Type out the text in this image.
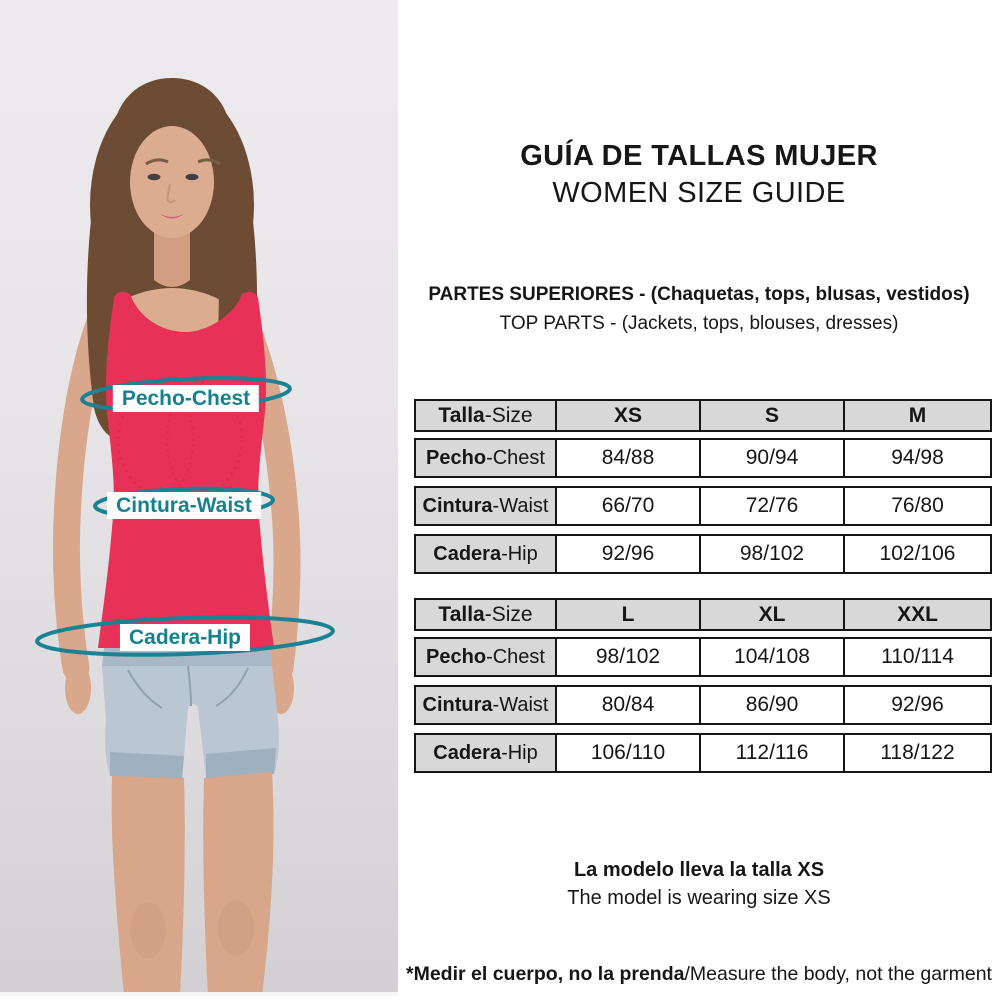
Pecho-Chest
Cintura-Waist
Cadera-Hip
GUÍA DE TALLAS MUJER
WOMEN SIZE GUIDE
PARTES SUPERIORES - (Chaquetas, tops, blusas, vestidos)
TOP PARTS - (Jackets, tops, blouses, dresses)
Talla -Size	XS	S	M
Pecho -Chest	84/88	90/94	94/98
Cintura -Waist	66/70	72/76	76/80
Cadera -Hip	92/96	98/102	102/106
Talla -Size	L	XL	XXL
Pecho -Chest	98/102	104/108	110/114
Cintura -Waist	80/84	86/90	92/96
Cadera -Hip	106/110	112/116	118/122
La modelo lleva la talla XS
The model is wearing size XS
*Medir el cuerpo, no la prenda/Measure the body, not the garment
